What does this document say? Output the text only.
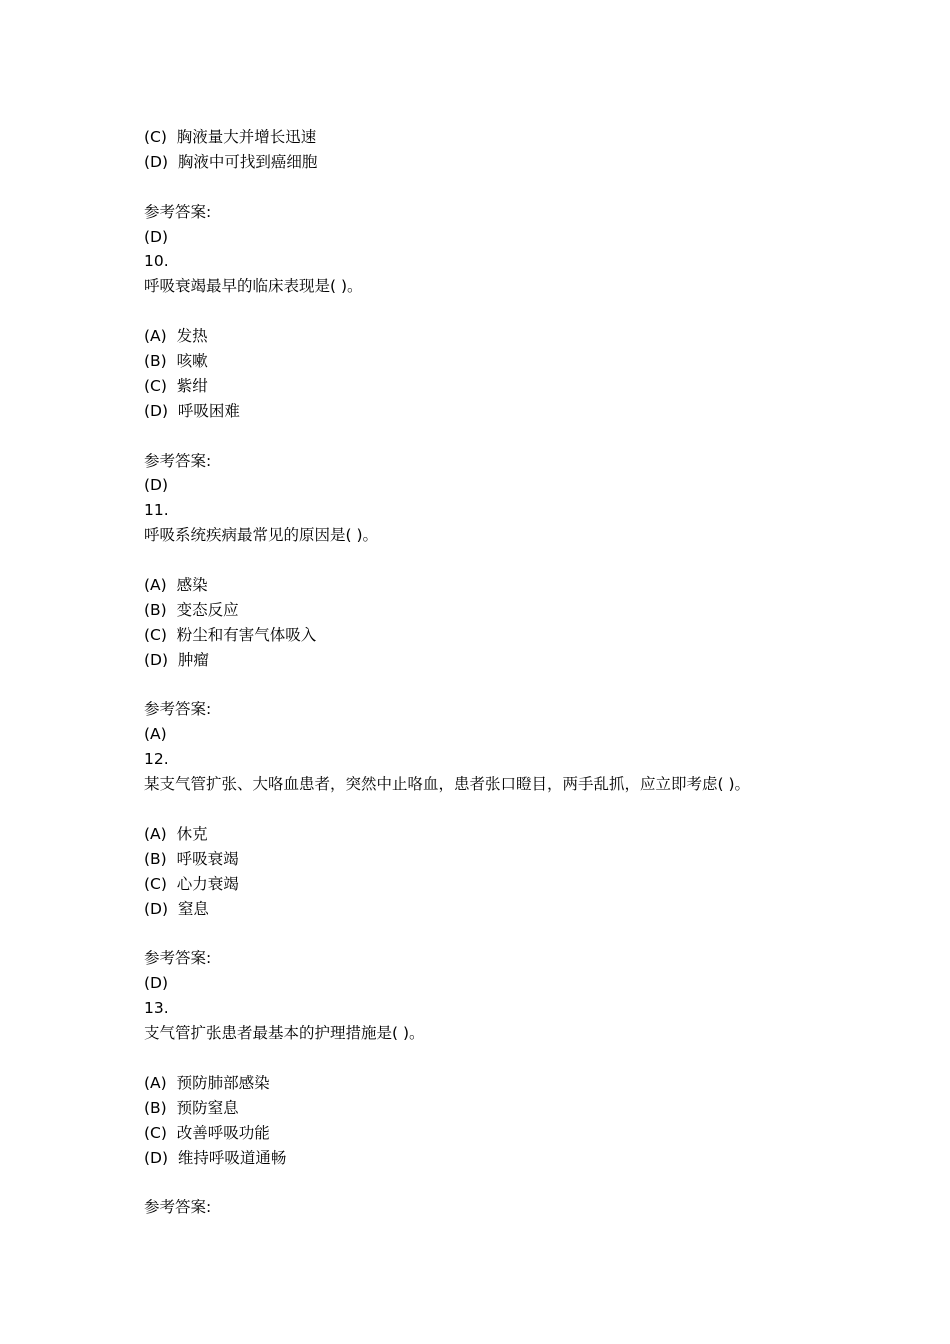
(C) 胸液量大并增长迅速
(D) 胸液中可找到癌细胞
参考答案:
(D)
10.
呼吸衰竭最早的临床表现是( )。
(A) 发热
(B) 咳嗽
(C) 紫绀
(D) 呼吸困难
参考答案:
(D)
11.
呼吸系统疾病最常见的原因是( )。
(A) 感染
(B) 变态反应
(C) 粉尘和有害气体吸入
(D) 肿瘤
参考答案:
(A)
12.
某支气管扩张、大咯血患者，突然中止咯血，患者张口瞪目，两手乱抓，应立即考虑( )。
(A) 休克
(B) 呼吸衰竭
(C) 心力衰竭
(D) 窒息
参考答案:
(D)
13.
支气管扩张患者最基本的护理措施是( )。
(A) 预防肺部感染
(B) 预防窒息
(C) 改善呼吸功能
(D) 维持呼吸道通畅
参考答案:
